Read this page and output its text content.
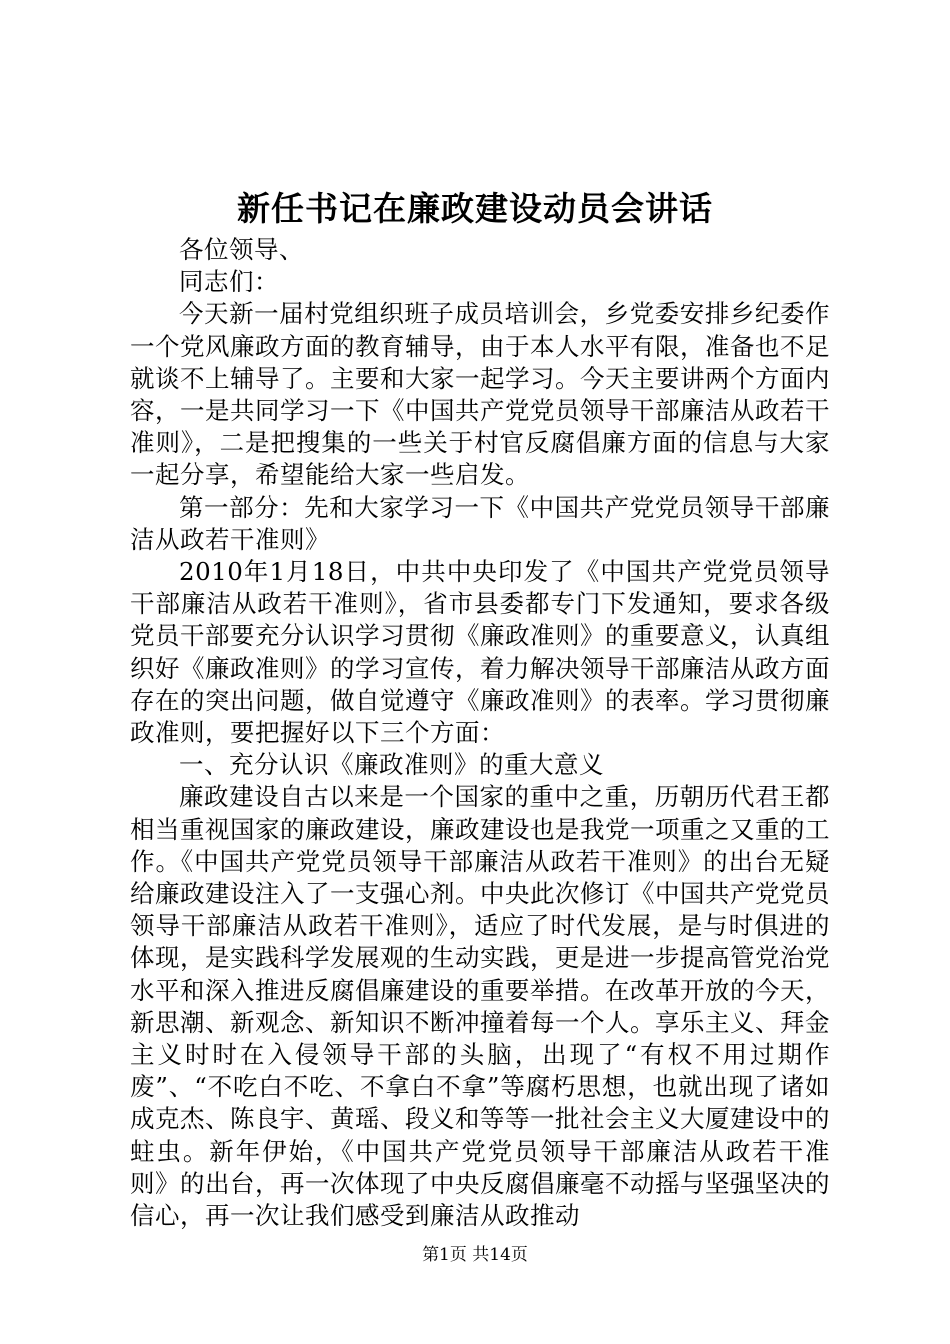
新任书记在廉政建设动员会讲话

各位领导、

同志们：

今天新一届村党组织班子成员培训会，乡党委安排乡纪委作一个党风廉政方面的教育辅导，由于本人水平有限，准备也不足就谈不上辅导了。主要和大家一起学习。今天主要讲两个方面内容，一是共同学习一下《中国共产党党员领导干部廉洁从政若干准则》，二是把搜集的一些关于村官反腐倡廉方面的信息与大家一起分享，希望能给大家一些启发。

第一部分：先和大家学习一下《中国共产党党员领导干部廉洁从政若干准则》

2010年1月18日，中共中央印发了《中国共产党党员领导干部廉洁从政若干准则》，省市县委都专门下发通知，要求各级党员干部要充分认识学习贯彻《廉政准则》的重要意义，认真组织好《廉政准则》的学习宣传，着力解决领导干部廉洁从政方面存在的突出问题，做自觉遵守《廉政准则》的表率。学习贯彻廉政准则，要把握好以下三个方面：

一、充分认识《廉政准则》的重大意义

廉政建设自古以来是一个国家的重中之重，历朝历代君王都相当重视国家的廉政建设，廉政建设也是我党一项重之又重的工作。《中国共产党党员领导干部廉洁从政若干准则》的出台无疑给廉政建设注入了一支强心剂。中央此次修订《中国共产党党员领导干部廉洁从政若干准则》，适应了时代发展，是与时俱进的体现，是实践科学发展观的生动实践，更是进一步提高管党治党水平和深入推进反腐倡廉建设的重要举措。在改革开放的今天，新思潮、新观念、新知识不断冲撞着每一个人。享乐主义、拜金主义时时在入侵领导干部的头脑，出现了“有权不用过期作废”、“不吃白不吃、不拿白不拿”等腐朽思想，也就出现了诸如成克杰、陈良宇、黄瑶、段义和等等一批社会主义大厦建设中的蛀虫。新年伊始，《中国共产党党员领导干部廉洁从政若干准则》的出台，再一次体现了中央反腐倡廉毫不动摇与坚强坚决的信心，再一次让我们感受到廉洁从政推动

第1页 共14页
